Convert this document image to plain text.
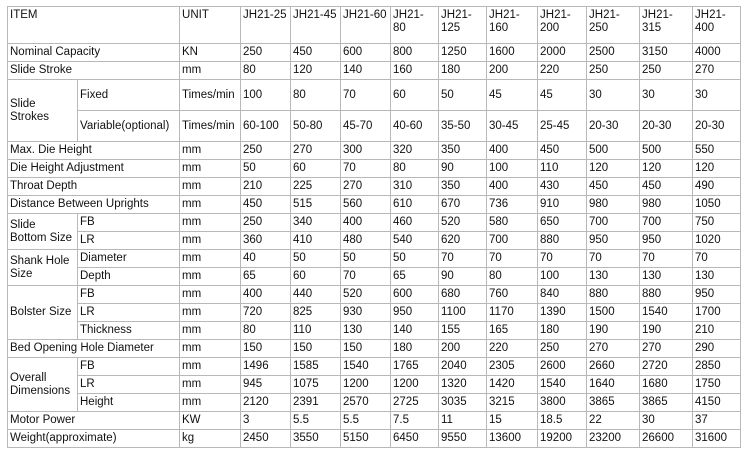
ITEM		UNIT	JH21-25	JH21-45	JH21-60	JH21-80	JH21-125	JH21-160	JH21-200	JH21-250	JH21-315	JH21-400
Nominal Capacity		KN	250	450	600	800	1250	1600	2000	2500	3150	4000
Slide Stroke		mm	80	120	140	160	180	200	220	250	250	270
Slide Strokes	Fixed	Times/min	100	80	70	60	50	45	45	30	30	30
	Variable(optional)	Times/min	60-100	50-80	45-70	40-60	35-50	30-45	25-45	20-30	20-30	20-30
Max. Die Height		mm	250	270	300	320	350	400	450	500	500	550
Die Height Adjustment		mm	50	60	70	80	90	100	110	120	120	120
Throat Depth		mm	210	225	270	310	350	400	430	450	450	490
Distance Between Uprights		mm	450	515	560	610	670	736	910	980	980	1050
Slide Bottom Size	FB	mm	250	340	400	460	520	580	650	700	700	750
	LR	mm	360	410	480	540	620	700	880	950	950	1020
Shank Hole Size	Diameter	mm	40	50	50	50	70	70	70	70	70	70
	Depth	mm	65	60	70	65	90	80	100	130	130	130
Bolster Size	FB	mm	400	440	520	600	680	760	840	880	880	950
	LR	mm	720	825	930	950	1100	1170	1390	1500	1540	1700
	Thickness	mm	80	110	130	140	155	165	180	190	190	210
Bed Opening Hole Diameter		mm	150	150	150	180	200	220	250	270	270	290
Overall Dimensions	FB	mm	1496	1585	1540	1765	2040	2305	2600	2660	2720	2850
	LR	mm	945	1075	1200	1200	1320	1420	1540	1640	1680	1750
	Height	mm	2120	2391	2570	2725	3035	3215	3800	3865	3865	4150
Motor Power		KW	3	5.5	5.5	7.5	11	15	18.5	22	30	37
Weight(approximate)		kg	2450	3550	5150	6450	9550	13600	19200	23200	26600	31600
